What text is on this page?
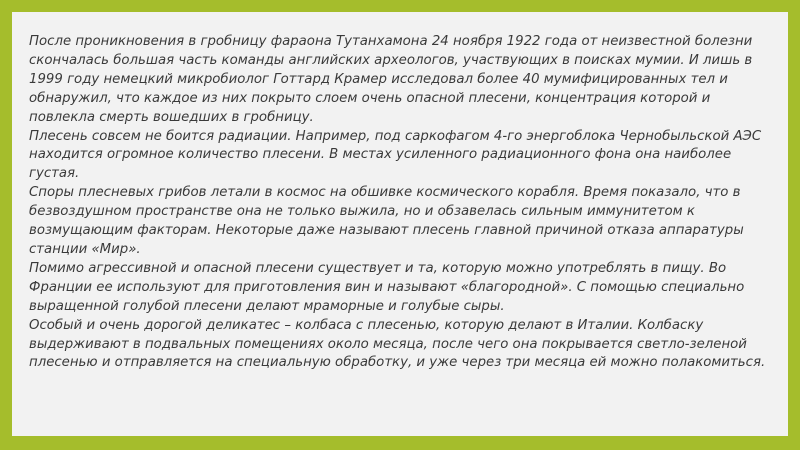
После проникновения в гробницу фараона Тутанхамона 24 ноября 1922 года от неизвестной болезни скончалась большая часть команды английских археологов, участвующих в поисках мумии. И лишь в 1999 году немецкий микробиолог Готтард Крамер исследовал более 40 мумифицированных тел и обнаружил, что каждое из них покрыто слоем очень опасной плесени, концентрация которой и повлекла смерть вошедших в гробницу.
Плесень совсем не боится радиации. Например, под саркофагом 4-го энергоблока Чернобыльской АЭС находится огромное количество плесени. В местах усиленного радиационного фона она наиболее густая.
Споры плесневых грибов летали в космос на обшивке космического корабля. Время показало, что в безвоздушном пространстве она не только выжила, но и обзавелась сильным иммунитетом к возмущающим факторам. Некоторые даже называют плесень главной причиной отказа аппаратуры станции «Мир».
Помимо агрессивной и опасной плесени существует и та, которую можно употреблять в пищу. Во Франции ее используют для приготовления вин и называют «благородной». С помощью специально выращенной голубой плесени делают мраморные и голубые сыры.
Особый и очень дорогой деликатес – колбаса с плесенью, которую делают в Италии. Колбаску выдерживают в подвальных помещениях около месяца, после чего она покрывается светло-зеленой плесенью и отправляется на специальную обработку, и уже через три месяца ей можно полакомиться.
